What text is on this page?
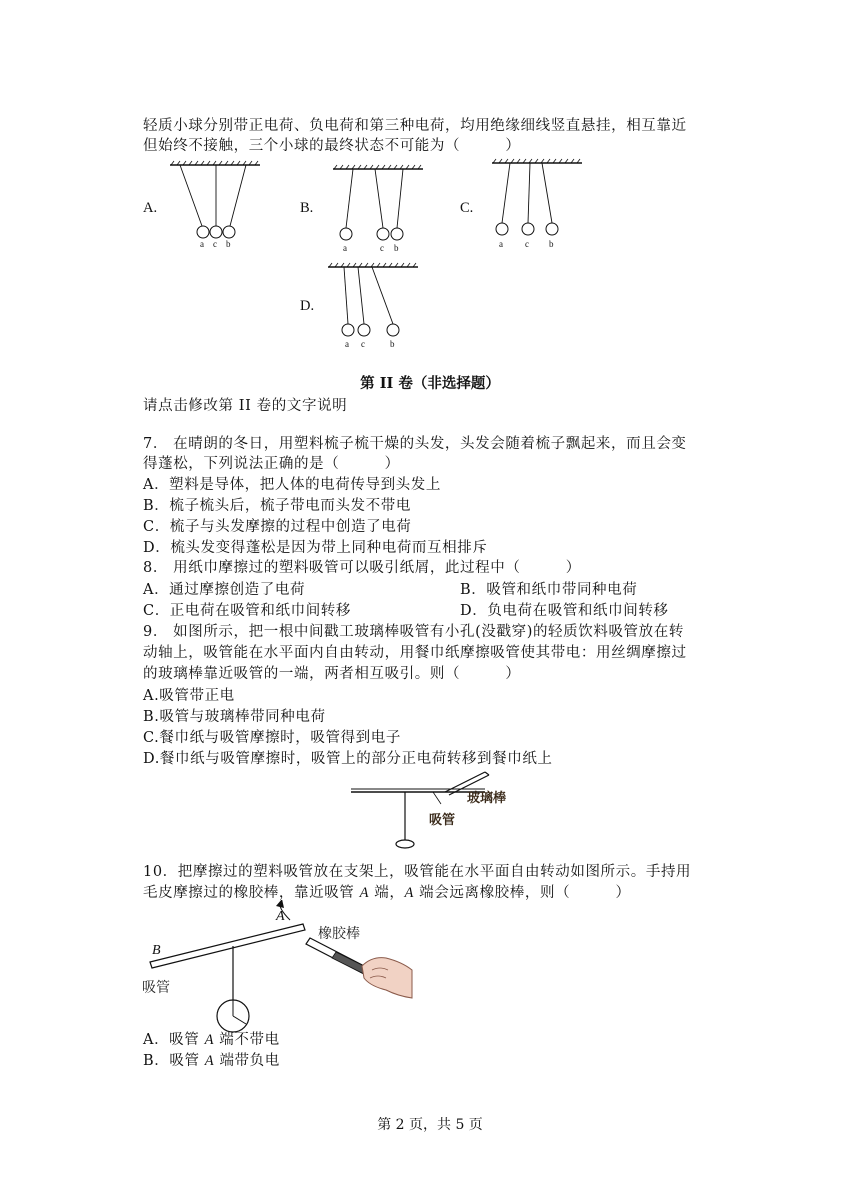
轻质小球分别带正电荷、负电荷和第三种电荷，均用绝缘细线竖直悬挂，相互靠近
但始终不接触，三个小球的最终状态不可能为（　　　）
A.
a c b
B.
a	c b
C.
a c b
D.
a c	b
第 II 卷（非选择题）
请点击修改第 II 卷的文字说明
7． 在晴朗的冬日，用塑料梳子梳干燥的头发，头发会随着梳子飘起来，而且会变
得蓬松，下列说法正确的是（　　　）
A．塑料是导体，把人体的电荷传导到头发上
B．梳子梳头后，梳子带电而头发不带电
C．梳子与头发摩擦的过程中创造了电荷
D．梳头发变得蓬松是因为带上同种电荷而互相排斥
8． 用纸巾摩擦过的塑料吸管可以吸引纸屑，此过程中（　　　）
A．通过摩擦创造了电荷	B．吸管和纸巾带同种电荷
C．正电荷在吸管和纸巾间转移	D．负电荷在吸管和纸巾间转移
9． 如图所示，把一根中间戳工玻璃棒吸管有小孔(没戳穿)的轻质饮料吸管放在转
动轴上，吸管能在水平面内自由转动，用餐巾纸摩擦吸管使其带电：用丝绸摩擦过
的玻璃棒靠近吸管的一端，两者相互吸引。则（　　　）
A.吸管带正电
B.吸管与玻璃棒带同种电荷
C.餐巾纸与吸管摩擦时，吸管得到电子
D.餐巾纸与吸管摩擦时，吸管上的部分正电荷转移到餐巾纸上
玻璃棒
吸管
10．把摩擦过的塑料吸管放在支架上，吸管能在水平面自由转动如图所示。手持用
毛皮摩擦过的橡胶棒，靠近吸管 A 端，A 端会远离橡胶棒，则（　　　）
A
B
吸管
橡胶棒
A．吸管 A 端不带电
B．吸管 A 端带负电
第 2 页，共 5 页
